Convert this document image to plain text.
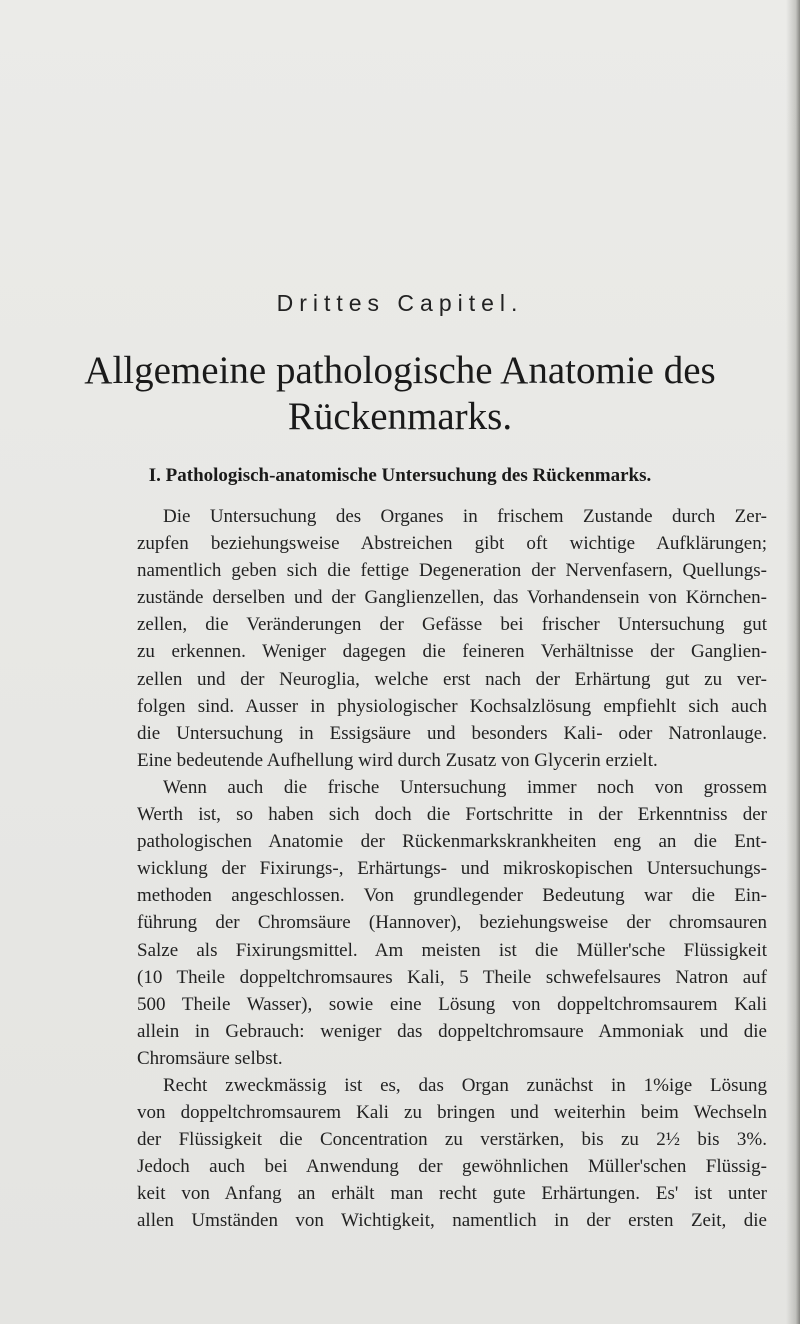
Drittes Capitel.
Allgemeine pathologische Anatomie des
Rückenmarks.
I. Pathologisch-anatomische Untersuchung des Rückenmarks.
Die Untersuchung des Organes in frischem Zustande durch Zer-
zupfen beziehungsweise Abstreichen gibt oft wichtige Aufklärungen;
namentlich geben sich die fettige Degeneration der Nervenfasern, Quellungs-
zustände derselben und der Ganglienzellen, das Vorhandensein von Körnchen-
zellen, die Veränderungen der Gefässe bei frischer Untersuchung gut
zu erkennen. Weniger dagegen die feineren Verhältnisse der Ganglien-
zellen und der Neuroglia, welche erst nach der Erhärtung gut zu ver-
folgen sind. Ausser in physiologischer Kochsalzlösung empfiehlt sich auch
die Untersuchung in Essigsäure und besonders Kali- oder Natronlauge.
Eine bedeutende Aufhellung wird durch Zusatz von Glycerin erzielt.
Wenn auch die frische Untersuchung immer noch von grossem
Werth ist, so haben sich doch die Fortschritte in der Erkenntniss der
pathologischen Anatomie der Rückenmarkskrankheiten eng an die Ent-
wicklung der Fixirungs-, Erhärtungs- und mikroskopischen Untersuchungs-
methoden angeschlossen. Von grundlegender Bedeutung war die Ein-
führung der Chromsäure (Hannover), beziehungsweise der chromsauren
Salze als Fixirungsmittel. Am meisten ist die Müller'sche Flüssigkeit
(10 Theile doppeltchromsaures Kali, 5 Theile schwefelsaures Natron auf
500 Theile Wasser), sowie eine Lösung von doppeltchromsaurem Kali
allein in Gebrauch: weniger das doppeltchromsaure Ammoniak und die
Chromsäure selbst.
Recht zweckmässig ist es, das Organ zunächst in 1%ige Lösung
von doppeltchromsaurem Kali zu bringen und weiterhin beim Wechseln
der Flüssigkeit die Concentration zu verstärken, bis zu 2½ bis 3%.
Jedoch auch bei Anwendung der gewöhnlichen Müller'schen Flüssig-
keit von Anfang an erhält man recht gute Erhärtungen. Es' ist unter
allen Umständen von Wichtigkeit, namentlich in der ersten Zeit, die
